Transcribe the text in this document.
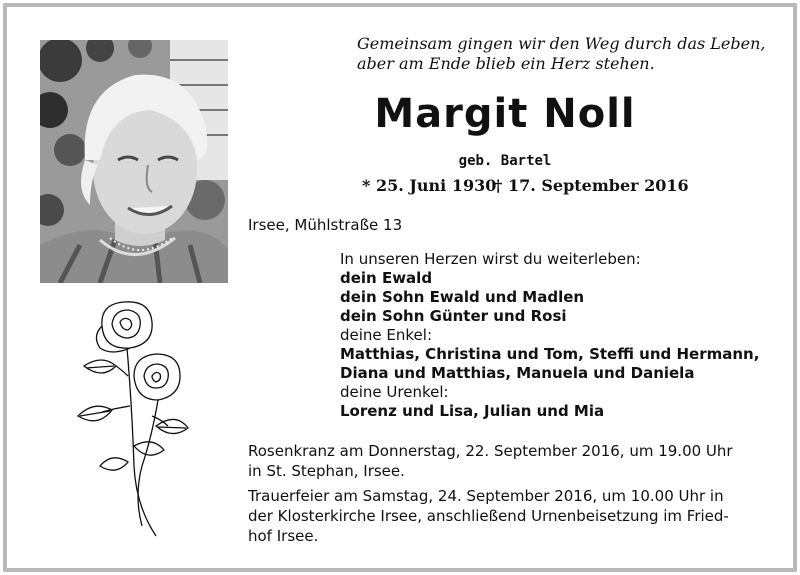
Gemeinsam gingen wir den Weg durch das Leben,
aber am Ende blieb ein Herz stehen.
Margit Noll
geb. Bartel
* 25. Juni 1930
† 17. September 2016
Irsee, Mühlstraße 13
In unseren Herzen wirst du weiterleben:
dein Ewald
dein Sohn Ewald und Madlen
dein Sohn Günter und Rosi
deine Enkel:
Matthias, Christina und Tom, Steffi und Hermann,
Diana und Matthias, Manuela und Daniela
deine Urenkel:
Lorenz und Lisa, Julian und Mia
Rosenkranz am Donnerstag, 22. September 2016, um 19.00 Uhr
in St. Stephan, Irsee.
Trauerfeier am Samstag, 24. September 2016, um 10.00 Uhr in
der Klosterkirche Irsee, anschließend Urnenbeisetzung im Fried-
hof Irsee.
